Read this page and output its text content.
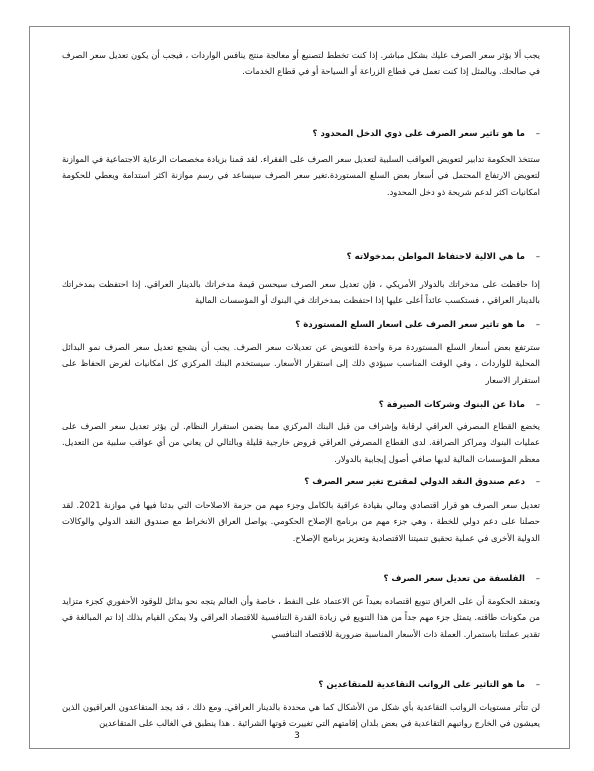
يجب ألا يؤثر سعر الصرف عليك بشكل مباشر. إذا كنت تخطط لتصنيع أو معالجة منتج ينافس الواردات ، فيجب أن يكون تعديل سعر الصرف في صالحك. وبالمثل إذا كنت تعمل في قطاع الزراعة أو السياحة أو في قطاع الخدمات.

– ما هو تاثير سعر الصرف على ذوي الدخل المحدود ؟

ستتخذ الحكومة تدابير لتعويض العواقب السلبية لتعديل سعر الصرف على الفقراء. لقد قمنا بزيادة مخصصات الرعاية الاجتماعية في الموازنة لتعويض الارتفاع المحتمل في أسعار بعض السلع المستوردة.تغير سعر الصرف سيساعد في رسم موازنة اكثر استدامة ويعطي للحكومة امكانيات اكثر لدعم شريحة ذو دخل المحدود.

– ما هي الالية لاحتفاظ المواطن بمدخولاته ؟

إذا حافظت على مدخراتك بالدولار الأمريكي ، فإن تعديل سعر الصرف سيحسن قيمة مدخراتك بالدينار العراقي. إذا احتفظت بمدخراتك بالدينار العراقي ، فستكسب عائداً أعلى عليها إذا احتفظت بمدخراتك في البنوك أو المؤسسات المالية

– ما هو تاثير سعر الصرف على اسعار السلع المستوردة ؟

سترتفع بعض أسعار السلع المستوردة مرة واحدة للتعويض عن تعديلات سعر الصرف. يجب أن يشجع تعديل سعر الصرف نمو البدائل المحلية للواردات ، وفي الوقت المناسب سيؤدي ذلك إلى استقرار الأسعار. سيستخدم البنك المركزي كل امكانيات لغرض الحفاظ على استقرار الاسعار

– ماذا عن البنوك وشركات الصيرفة ؟

يخضع القطاع المصرفي العراقي لرقابة وإشراف من قبل البنك المركزي مما يضمن استقرار النظام. لن يؤثر تعديل سعر الصرف على عمليات البنوك ومراكز الصرافة. لدى القطاع المصرفي العراقي قروض خارجية قليلة وبالتالي لن يعاني من أي عواقب سلبية من التعديل. معظم المؤسسات المالية لديها صافي أصول إيجابية بالدولار.

– دعم صندوق النقد الدولي لمقترح تغير سعر الصرف ؟

تعديل سعر الصرف هو قرار اقتصادي ومالي بقيادة عراقية بالكامل وجزء مهم من حزمة الاصلاحات التي بدئنا فيها في موازنة 2021. لقد حصلنا على دعم دولي للخطة ، وهي جزء مهم من برنامج الإصلاح الحكومي. يواصل العراق الانخراط مع صندوق النقد الدولي والوكالات الدولية الأخرى في عملية تحقيق تنميتنا الاقتصادية وتعزيز برنامج الإصلاح.

– الفلسفة من تعديل سعر الصرف ؟

وتعتقد الحكومة أن على العراق تنويع اقتصاده بعيداً عن الاعتماد على النفط ، خاصة وأن العالم يتجه نحو بدائل للوقود الأحفوري كجزء متزايد من مكونات طاقته. يتمثل جزء مهم جداً من هذا التنويع في زيادة القدرة التنافسية للاقتصاد العراقي ولا يمكن القيام بذلك إذا تم المبالغة في تقدير عملتنا باستمرار. العملة ذات الأسعار المناسبة ضرورية للاقتصاد التنافسي

– ما هو التاثير على الرواتب التقاعدية للمتقاعدين ؟

لن تتأثر مستويات الرواتب التقاعدية بأي شكل من الأشكال كما هي محددة بالدينار العراقي. ومع ذلك ، قد يجد المتقاعدون العراقيون الذين يعيشون في الخارج رواتبهم التقاعدية في بعض بلدان إقامتهم التي تغييرت قوتها الشرائية . هذا ينطبق في الغالب على المتقاعدين

3
